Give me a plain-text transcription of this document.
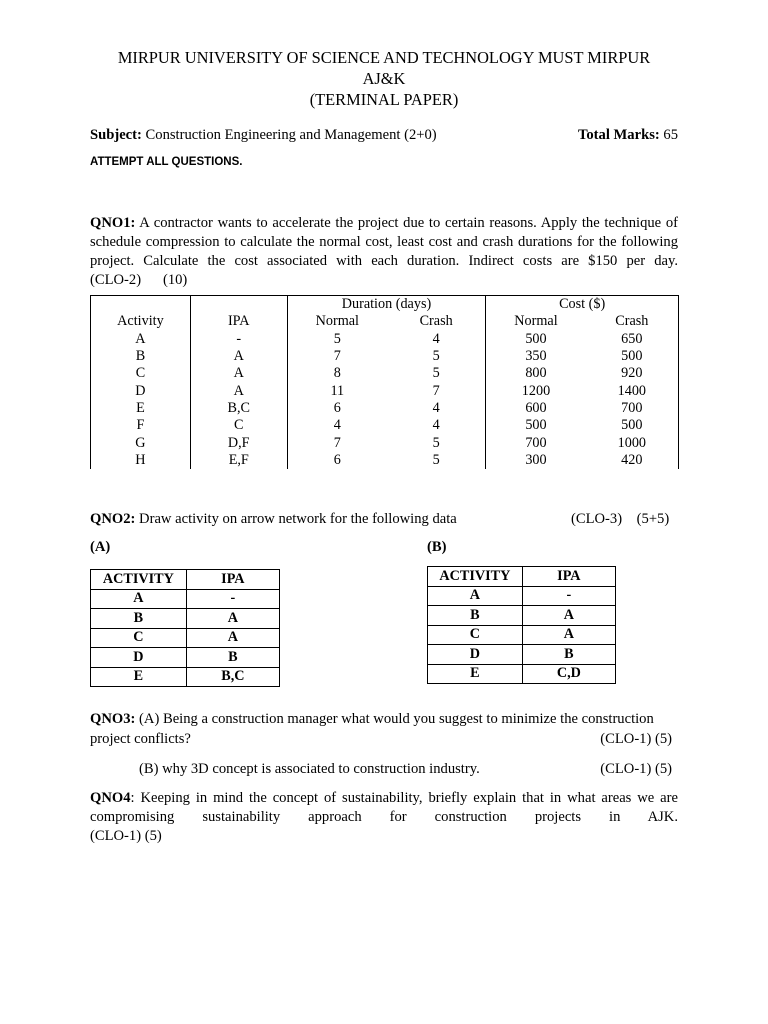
MIRPUR UNIVERSITY OF SCIENCE AND TECHNOLOGY MUST MIRPUR
AJ&K
(TERMINAL PAPER)
Subject: Construction Engineering and Management (2+0)	Total Marks: 65
ATTEMPT ALL QUESTIONS.
QNO1: A contractor wants to accelerate the project due to certain reasons. Apply the technique of
schedule compression to calculate the normal cost, least cost and crash durations for the following
project. Calculate the cost associated with each duration. Indirect costs are $150 per day.
(CLO-2)      (10)
		Duration (days)		Cost ($)	
Activity	IPA	Normal	Crash	Normal	Crash
A	-	5	4	500	650
B	A	7	5	350	500
C	A	8	5	800	920
D	A	11	7	1200	1400
E	B,C	6	4	600	700
F	C	4	4	500	500
G	D,F	7	5	700	1000
H	E,F	6	5	300	420
QNO2: Draw activity on arrow network for the following data	(CLO-3)    (5+5)
(A)	(B)
ACTIVITY	IPA
A	-
B	A
C	A
D	B
E	B,C
ACTIVITY	IPA
A	-
B	A
C	A
D	B
E	C,D
QNO3: (A) Being a construction manager what would you suggest to minimize the construction
project conflicts?	(CLO-1) (5)
(B) why 3D concept is associated to construction industry.	(CLO-1) (5)
QNO4: Keeping in mind the concept of sustainability, briefly explain that in what areas we are
compromising     sustainability     approach     for     construction     projects     in     AJK.
(CLO-1) (5)
